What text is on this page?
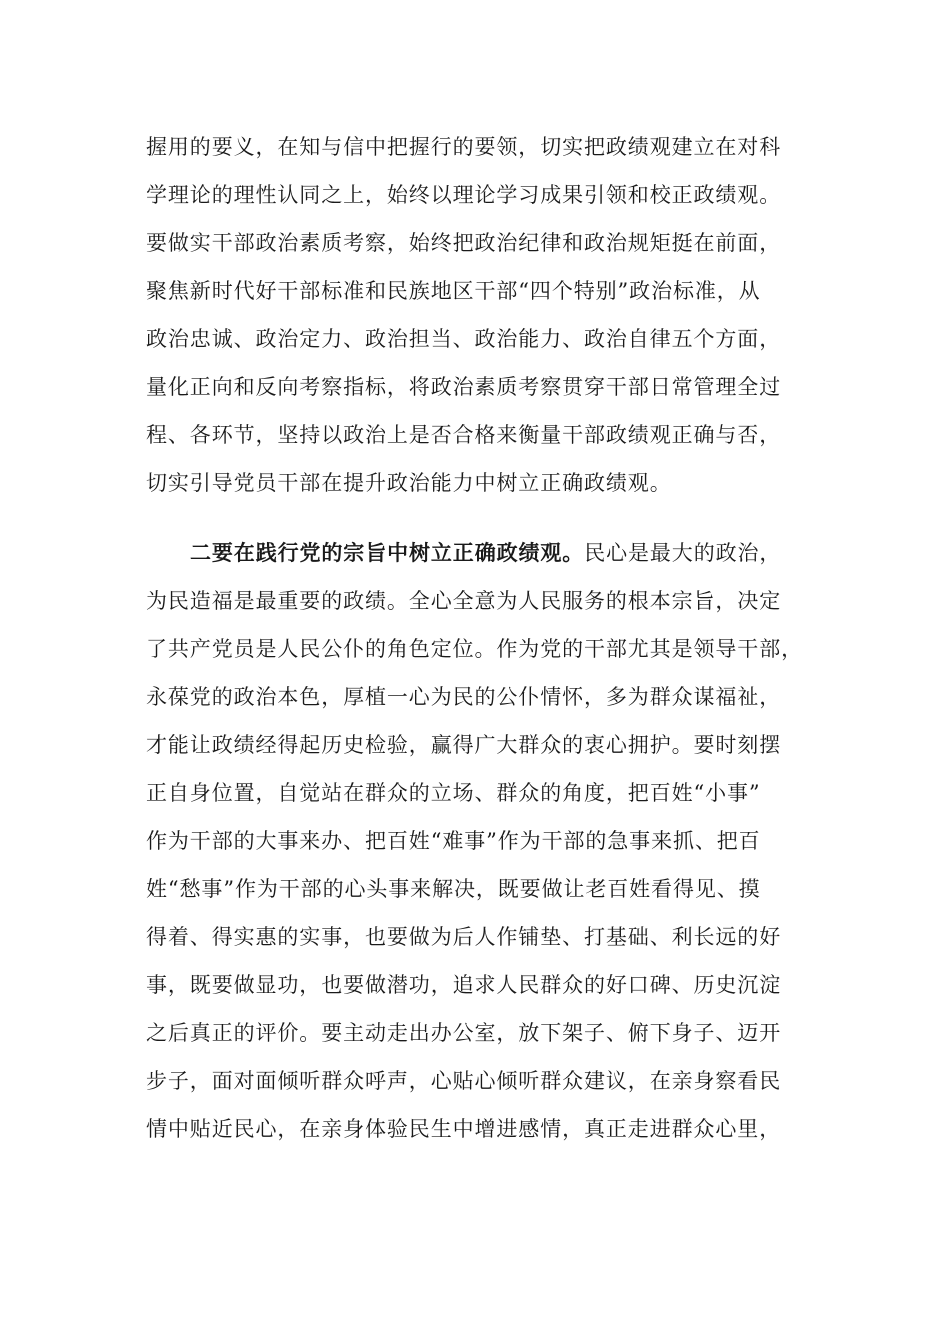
握用的要义，在知与信中把握行的要领，切实把政绩观建立在对科
学理论的理性认同之上，始终以理论学习成果引领和校正政绩观。
要做实干部政治素质考察，始终把政治纪律和政治规矩挺在前面，
聚焦新时代好干部标准和民族地区干部“四个特别”政治标准，从
政治忠诚、政治定力、政治担当、政治能力、政治自律五个方面，
量化正向和反向考察指标，将政治素质考察贯穿干部日常管理全过
程、各环节，坚持以政治上是否合格来衡量干部政绩观正确与否，
切实引导党员干部在提升政治能力中树立正确政绩观。
二要在践行党的宗旨中树立正确政绩观。民心是最大的政治，
为民造福是最重要的政绩。全心全意为人民服务的根本宗旨，决定
了共产党员是人民公仆的角色定位。作为党的干部尤其是领导干部，
永葆党的政治本色，厚植一心为民的公仆情怀，多为群众谋福祉，
才能让政绩经得起历史检验，赢得广大群众的衷心拥护。要时刻摆
正自身位置，自觉站在群众的立场、群众的角度，把百姓“小事”
作为干部的大事来办、把百姓“难事”作为干部的急事来抓、把百
姓“愁事”作为干部的心头事来解决，既要做让老百姓看得见、摸
得着、得实惠的实事，也要做为后人作铺垫、打基础、利长远的好
事，既要做显功，也要做潜功，追求人民群众的好口碑、历史沉淀
之后真正的评价。要主动走出办公室，放下架子、俯下身子、迈开
步子，面对面倾听群众呼声，心贴心倾听群众建议，在亲身察看民
情中贴近民心，在亲身体验民生中增进感情，真正走进群众心里，
